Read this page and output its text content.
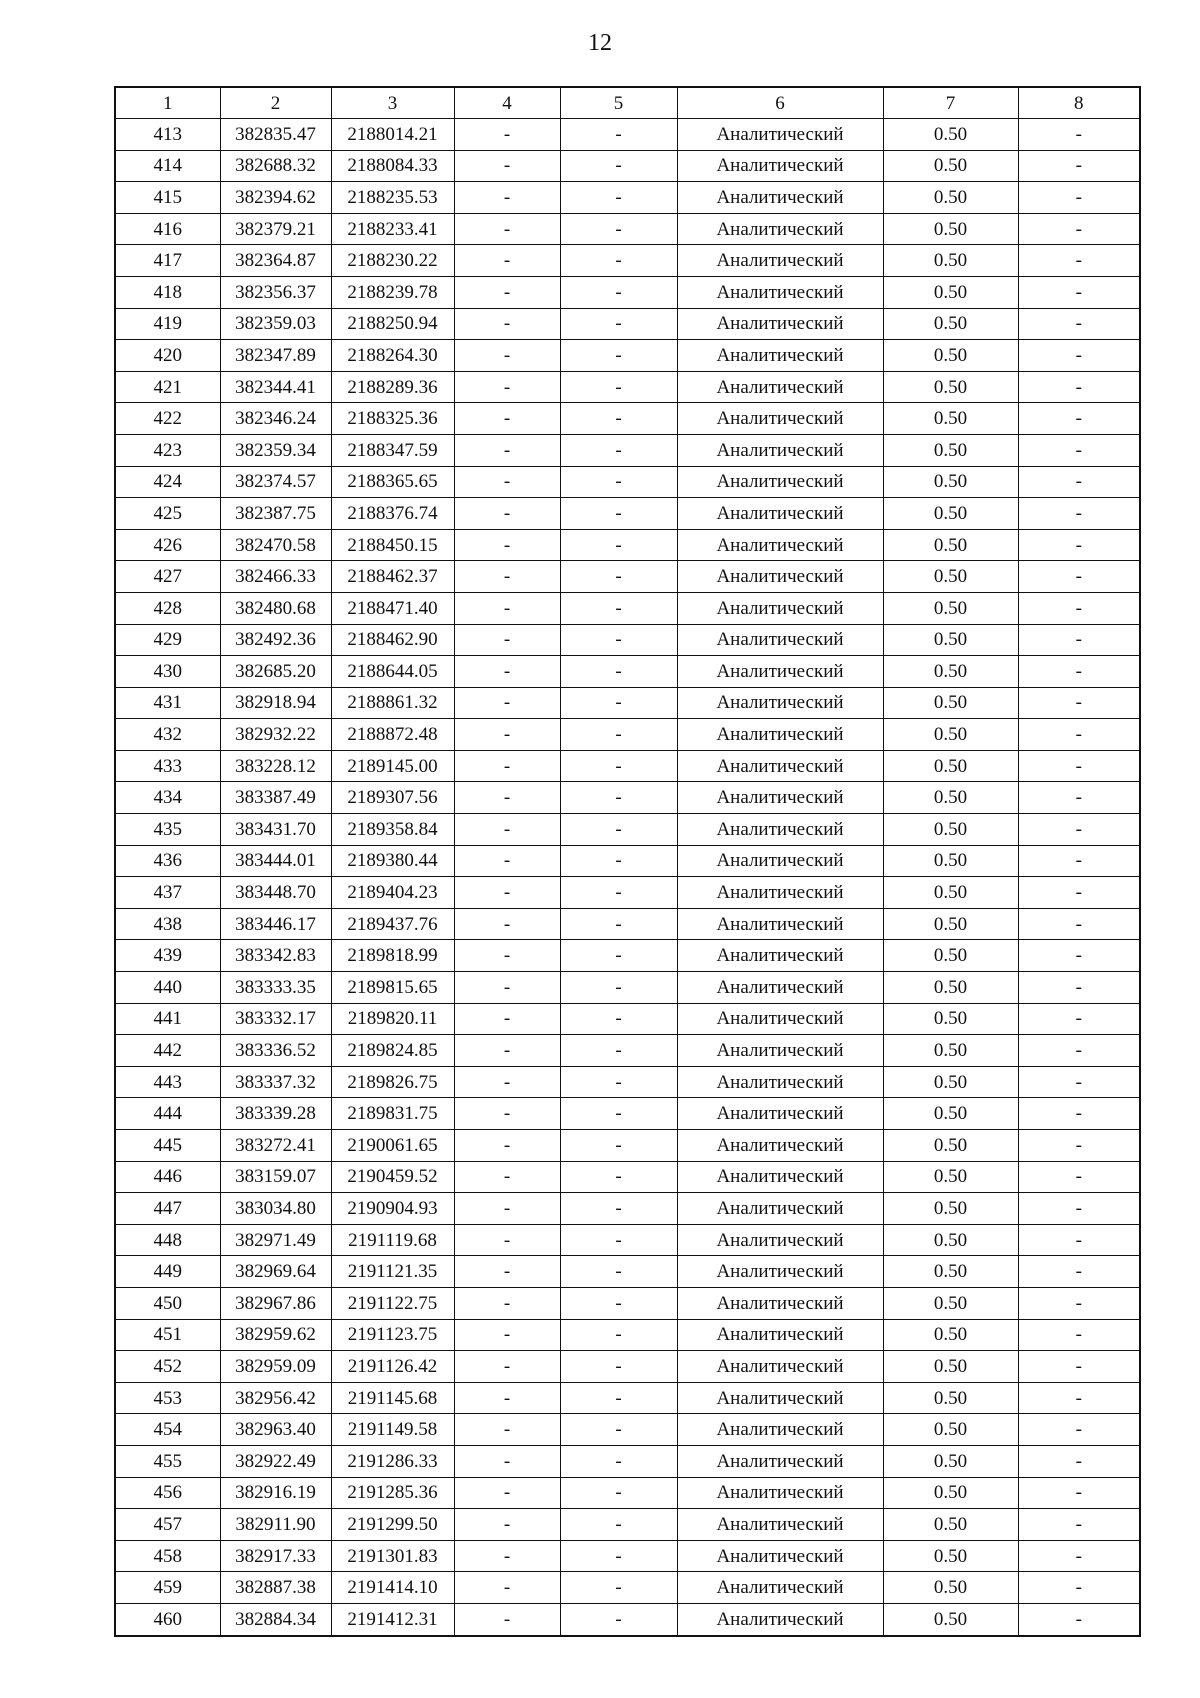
12
1	2	3	4	5	6	7	8
413	382835.47	2188014.21	-	-	Аналитический	0.50	-
414	382688.32	2188084.33	-	-	Аналитический	0.50	-
415	382394.62	2188235.53	-	-	Аналитический	0.50	-
416	382379.21	2188233.41	-	-	Аналитический	0.50	-
417	382364.87	2188230.22	-	-	Аналитический	0.50	-
418	382356.37	2188239.78	-	-	Аналитический	0.50	-
419	382359.03	2188250.94	-	-	Аналитический	0.50	-
420	382347.89	2188264.30	-	-	Аналитический	0.50	-
421	382344.41	2188289.36	-	-	Аналитический	0.50	-
422	382346.24	2188325.36	-	-	Аналитический	0.50	-
423	382359.34	2188347.59	-	-	Аналитический	0.50	-
424	382374.57	2188365.65	-	-	Аналитический	0.50	-
425	382387.75	2188376.74	-	-	Аналитический	0.50	-
426	382470.58	2188450.15	-	-	Аналитический	0.50	-
427	382466.33	2188462.37	-	-	Аналитический	0.50	-
428	382480.68	2188471.40	-	-	Аналитический	0.50	-
429	382492.36	2188462.90	-	-	Аналитический	0.50	-
430	382685.20	2188644.05	-	-	Аналитический	0.50	-
431	382918.94	2188861.32	-	-	Аналитический	0.50	-
432	382932.22	2188872.48	-	-	Аналитический	0.50	-
433	383228.12	2189145.00	-	-	Аналитический	0.50	-
434	383387.49	2189307.56	-	-	Аналитический	0.50	-
435	383431.70	2189358.84	-	-	Аналитический	0.50	-
436	383444.01	2189380.44	-	-	Аналитический	0.50	-
437	383448.70	2189404.23	-	-	Аналитический	0.50	-
438	383446.17	2189437.76	-	-	Аналитический	0.50	-
439	383342.83	2189818.99	-	-	Аналитический	0.50	-
440	383333.35	2189815.65	-	-	Аналитический	0.50	-
441	383332.17	2189820.11	-	-	Аналитический	0.50	-
442	383336.52	2189824.85	-	-	Аналитический	0.50	-
443	383337.32	2189826.75	-	-	Аналитический	0.50	-
444	383339.28	2189831.75	-	-	Аналитический	0.50	-
445	383272.41	2190061.65	-	-	Аналитический	0.50	-
446	383159.07	2190459.52	-	-	Аналитический	0.50	-
447	383034.80	2190904.93	-	-	Аналитический	0.50	-
448	382971.49	2191119.68	-	-	Аналитический	0.50	-
449	382969.64	2191121.35	-	-	Аналитический	0.50	-
450	382967.86	2191122.75	-	-	Аналитический	0.50	-
451	382959.62	2191123.75	-	-	Аналитический	0.50	-
452	382959.09	2191126.42	-	-	Аналитический	0.50	-
453	382956.42	2191145.68	-	-	Аналитический	0.50	-
454	382963.40	2191149.58	-	-	Аналитический	0.50	-
455	382922.49	2191286.33	-	-	Аналитический	0.50	-
456	382916.19	2191285.36	-	-	Аналитический	0.50	-
457	382911.90	2191299.50	-	-	Аналитический	0.50	-
458	382917.33	2191301.83	-	-	Аналитический	0.50	-
459	382887.38	2191414.10	-	-	Аналитический	0.50	-
460	382884.34	2191412.31	-	-	Аналитический	0.50	-
